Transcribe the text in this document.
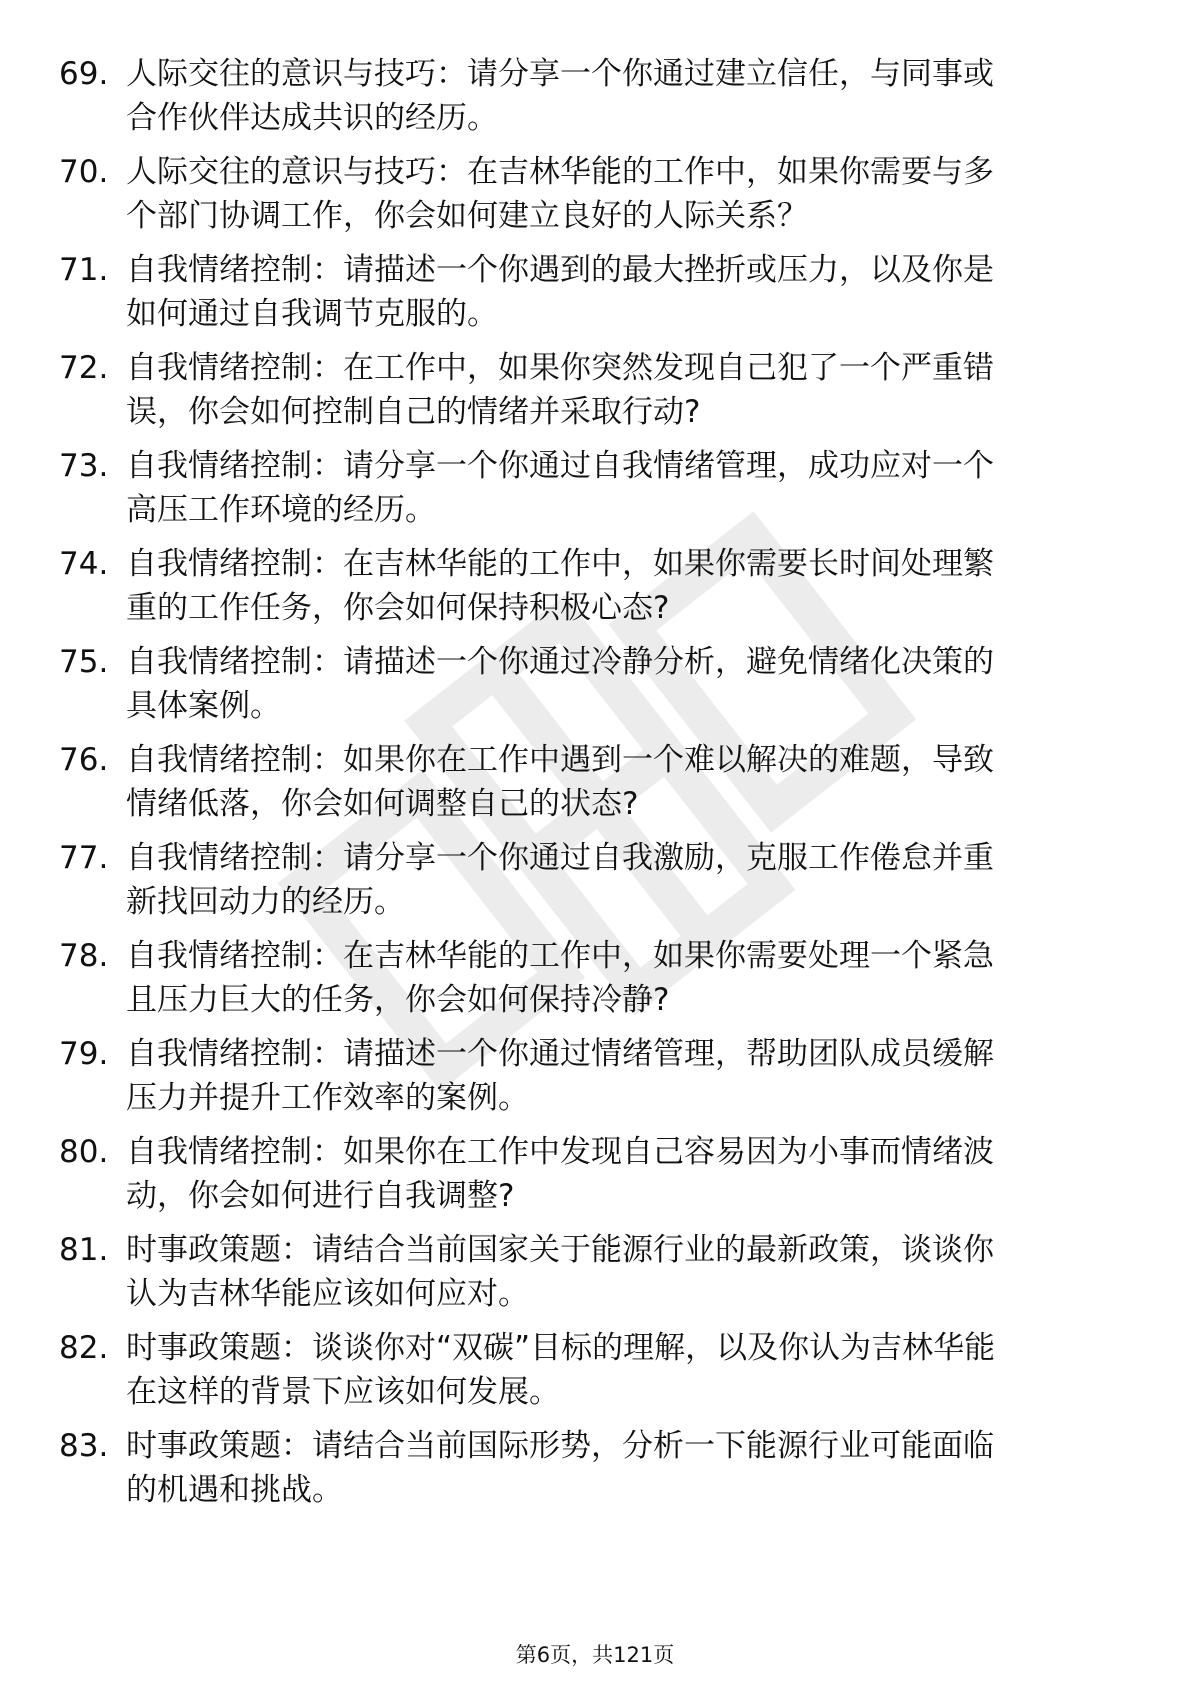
69. 人际交往的意识与技巧：请分享一个你通过建立信任，与同事或
合作伙伴达成共识的经历。
70. 人际交往的意识与技巧：在吉林华能的工作中，如果你需要与多
个部门协调工作，你会如何建立良好的人际关系？
71. 自我情绪控制：请描述一个你遇到的最大挫折或压力，以及你是
如何通过自我调节克服的。
72. 自我情绪控制：在工作中，如果你突然发现自己犯了一个严重错
误，你会如何控制自己的情绪并采取行动?
73. 自我情绪控制：请分享一个你通过自我情绪管理，成功应对一个
高压工作环境的经历。
74. 自我情绪控制：在吉林华能的工作中，如果你需要长时间处理繁
重的工作任务，你会如何保持积极心态?
75. 自我情绪控制：请描述一个你通过冷静分析，避免情绪化决策的
具体案例。
76. 自我情绪控制：如果你在工作中遇到一个难以解决的难题，导致
情绪低落，你会如何调整自己的状态?
77. 自我情绪控制：请分享一个你通过自我激励，克服工作倦怠并重
新找回动力的经历。
78. 自我情绪控制：在吉林华能的工作中，如果你需要处理一个紧急
且压力巨大的任务，你会如何保持冷静?
79. 自我情绪控制：请描述一个你通过情绪管理，帮助团队成员缓解
压力并提升工作效率的案例。
80. 自我情绪控制：如果你在工作中发现自己容易因为小事而情绪波
动，你会如何进行自我调整?
81. 时事政策题：请结合当前国家关于能源行业的最新政策，谈谈你
认为吉林华能应该如何应对。
82. 时事政策题：谈谈你对“双碳”目标的理解，以及你认为吉林华能
在这样的背景下应该如何发展。
83. 时事政策题：请结合当前国际形势，分析一下能源行业可能面临
的机遇和挑战。
第6页，共121页
